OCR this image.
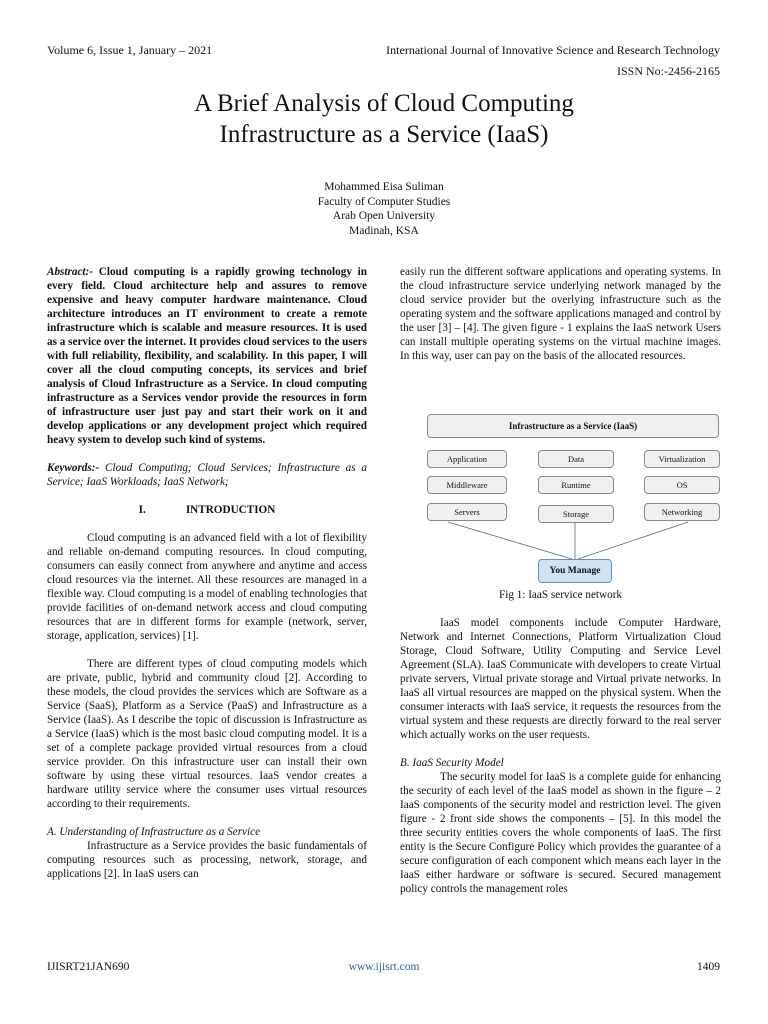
Volume 6, Issue 1, January – 2021	International Journal of Innovative Science and Research Technology
ISSN No:-2456-2165
A Brief Analysis of Cloud Computing
Infrastructure as a Service (IaaS)
Mohammed Eisa Suliman
Faculty of Computer Studies
Arab Open University
Madinah, KSA

Abstract:- Cloud computing is a rapidly growing technology in every field. Cloud architecture help and assures to remove expensive and heavy computer hardware maintenance. Cloud architecture introduces an IT environment to create a remote infrastructure which is scalable and measure resources. It is used as a service over the internet. It provides cloud services to the users with full reliability, flexibility, and scalability. In this paper, I will cover all the cloud computing concepts, its services and brief analysis of Cloud Infrastructure as a Service. In cloud computing infrastructure as a Services vendor provide the resources in form of infrastructure user just pay and start their work on it and develop applications or any development project which required heavy system to develop such kind of systems.

Keywords:- Cloud Computing; Cloud Services; Infrastructure as a Service; IaaS Workloads; IaaS Network;

I.	INTRODUCTION

Cloud computing is an advanced field with a lot of flexibility and reliable on-demand computing resources. In cloud computing, consumers can easily connect from anywhere and anytime and access cloud resources via the internet. All these resources are managed in a flexible way. Cloud computing is a model of enabling technologies that provide facilities of on-demand network access and cloud computing resources that are in different forms for example (network, server, storage, application, services) [1].

There are different types of cloud computing models which are private, public, hybrid and community cloud [2]. According to these models, the cloud provides the services which are Software as a Service (SaaS), Platform as a Service (PaaS) and Infrastructure as a Service (IaaS). As I describe the topic of discussion is Infrastructure as a Service (IaaS) which is the most basic cloud computing model. It is a set of a complete package provided virtual resources from a cloud service provider. On this infrastructure user can install their own software by using these virtual resources. IaaS vendor creates a hardware utility service where the consumer uses virtual resources according to their requirements.

A. Understanding of Infrastructure as a Service

Infrastructure as a Service provides the basic fundamentals of computing resources such as processing, network, storage, and applications [2]. In IaaS users can

easily run the different software applications and operating systems. In the cloud infrastructure service underlying network managed by the cloud service provider but the overlying infrastructure such as the operating system and the software applications managed and control by the user [3] – [4]. The given figure - 1 explains the IaaS network Users can install multiple operating systems on the virtual machine images. In this way, user can pay on the basis of the allocated resources.

Infrastructure as a Service (IaaS)
Application	Data	Virtualization
Middleware	Runtime	OS
Servers	Storage	Networking
You Manage
Fig 1: IaaS service network

IaaS model components include Computer Hardware, Network and Internet Connections, Platform Virtualization Cloud Storage, Cloud Software, Utility Computing and Service Level Agreement (SLA). IaaS Communicate with developers to create Virtual private servers, Virtual private storage and Virtual private networks. In IaaS all virtual resources are mapped on the physical system. When the consumer interacts with IaaS service, it requests the resources from the virtual system and these requests are directly forward to the real server which actually works on the user requests.

B. IaaS Security Model

The security model for IaaS is a complete guide for enhancing the security of each level of the IaaS model as shown in the figure – 2 IaaS components of the security model and restriction level. The given figure - 2 front side shows the components – [5]. In this model the three security entities covers the whole components of IaaS. The first entity is the Secure Configure Policy which provides the guarantee of a secure configuration of each component which means each layer in the IaaS either hardware or software is secured. Secured management policy controls the management roles

IJISRT21JAN690	www.ijisrt.com	1409
